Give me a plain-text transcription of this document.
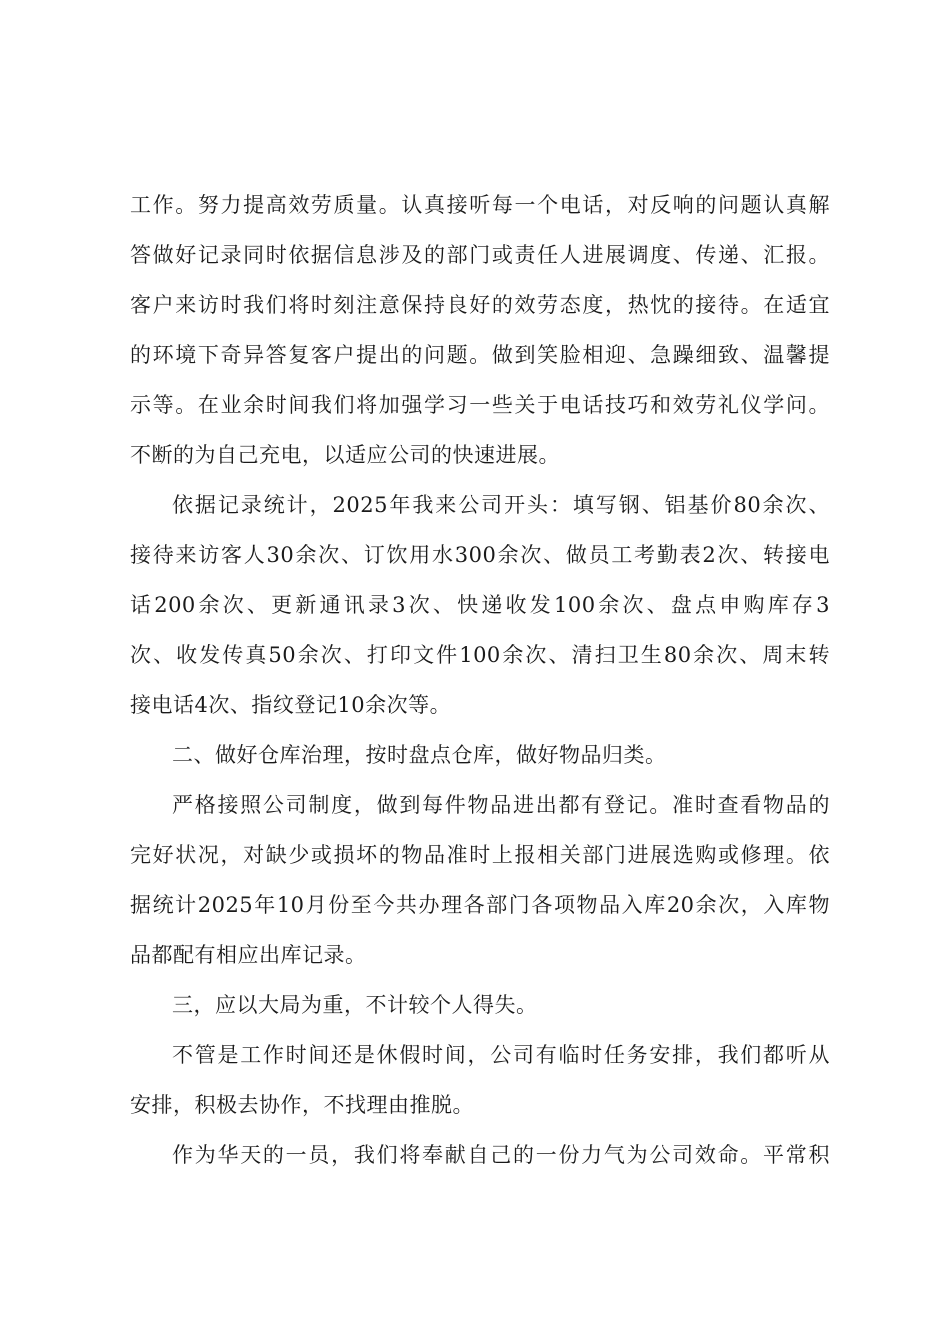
工作。努力提高效劳质量。认真接听每一个电话，对反响的问题认真解
答做好记录同时依据信息涉及的部门或责任人进展调度、传递、汇报。
客户来访时我们将时刻注意保持良好的效劳态度，热忱的接待。在适宜
的环境下奇异答复客户提出的问题。做到笑脸相迎、急躁细致、温馨提
示等。在业余时间我们将加强学习一些关于电话技巧和效劳礼仪学问。
不断的为自己充电，以适应公司的快速进展。
依据记录统计，2025年我来公司开头：填写钢、铝基价80余次、
接待来访客人30余次、订饮用水300余次、做员工考勤表2次、转接电
话200余次、更新通讯录3次、快递收发100余次、盘点申购库存3
次、收发传真50余次、打印文件100余次、清扫卫生80余次、周末转
接电话4次、指纹登记10余次等。
二、做好仓库治理，按时盘点仓库，做好物品归类。
严格接照公司制度，做到每件物品进出都有登记。准时查看物品的
完好状况，对缺少或损坏的物品准时上报相关部门进展选购或修理。依
据统计2025年10月份至今共办理各部门各项物品入库20余次，入库物
品都配有相应出库记录。
三，应以大局为重，不计较个人得失。
不管是工作时间还是休假时间，公司有临时任务安排，我们都听从
安排，积极去协作，不找理由推脱。
作为华天的一员，我们将奉献自己的一份力气为公司效命。平常积
